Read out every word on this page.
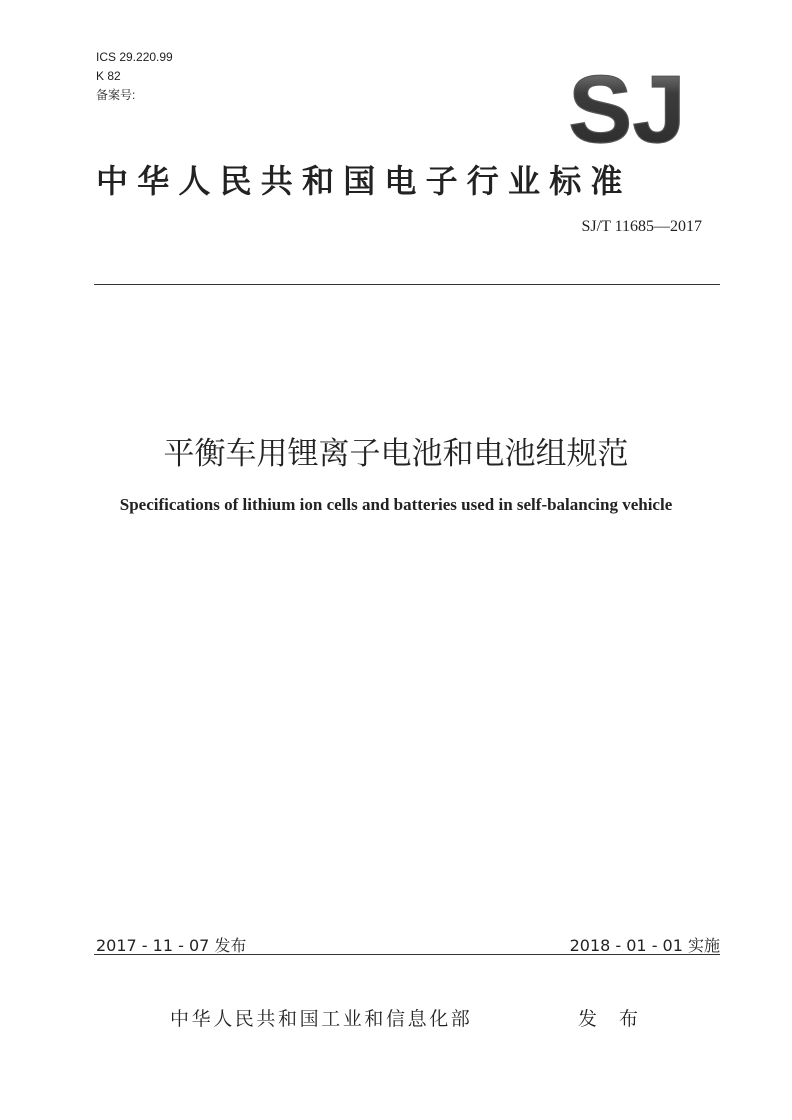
ICS 29.220.99
K 82
备案号:	SJ
中华人民共和国电子行业标准
SJ/T 11685—2017
平衡车用锂离子电池和电池组规范
Specifications of lithium ion cells and batteries used in self-balancing vehicle
2017 - 11 - 07 发布	2018 - 01 - 01 实施
中华人民共和国工业和信息化部	发 布
